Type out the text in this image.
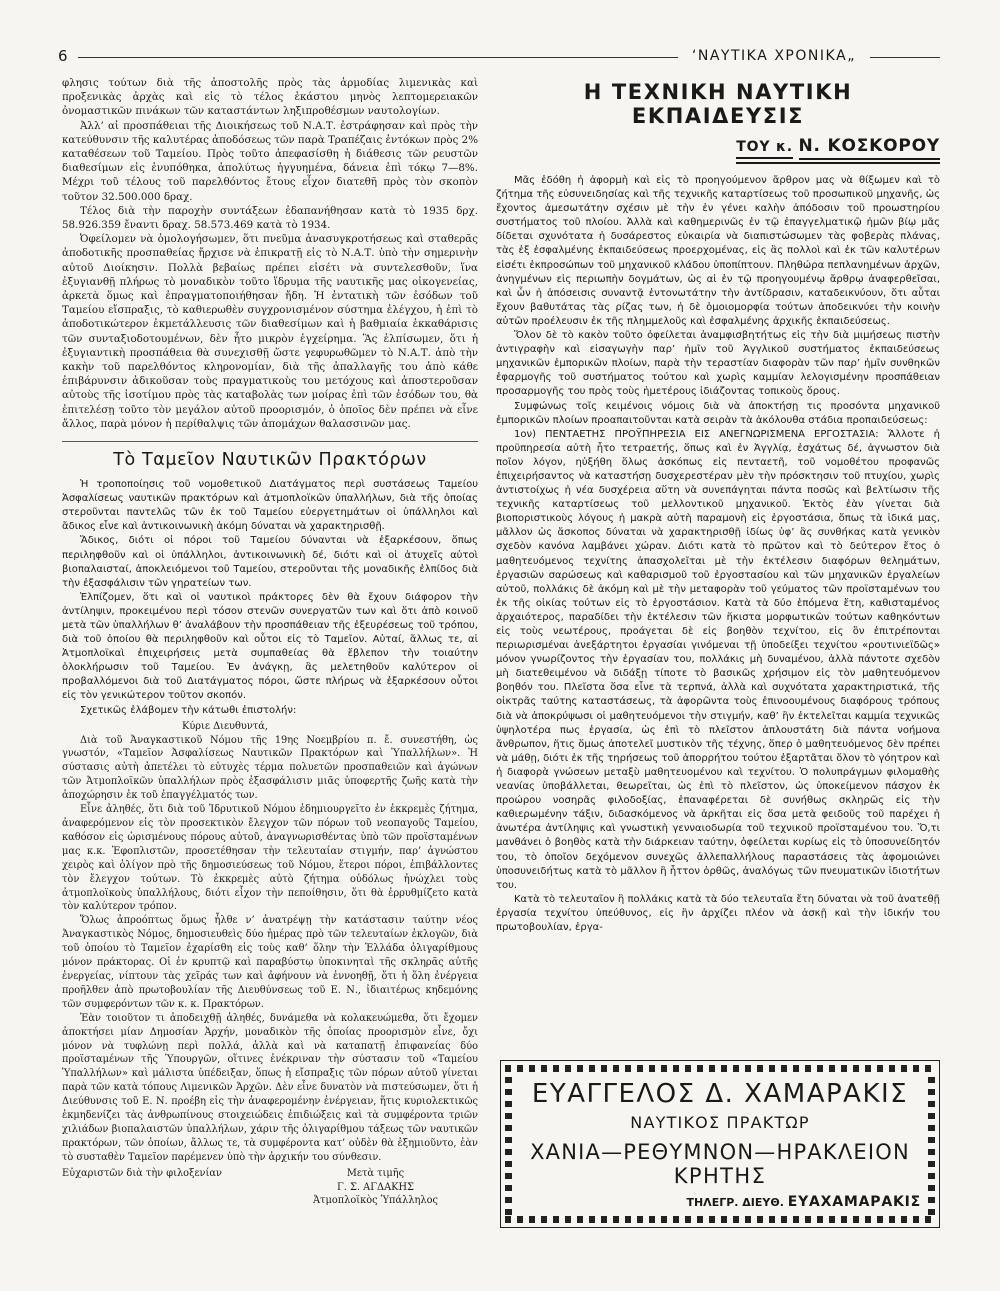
6	‘ΝΑΥΤΙΚΑ ΧΡΟΝΙΚΑ„

φλησις τούτων διὰ τῆς ἀποστολῆς πρὸς τὰς ἁρμοδίας λιμενικὰς καὶ προξενικὰς ἀρχὰς καὶ εἰς τὸ τέλος ἑκάστου μηνὸς λεπτομερειακῶν ὀνομαστικῶν πινάκων τῶν καταστάντων ληξιπροθέσμων ναυτολογίων.

Ἀλλ’ αἱ προσπάθειαι τῆς Διοικήσεως τοῦ Ν.Α.Τ. ἐστράφησαν καὶ πρὸς τὴν κατεύθυνσιν τῆς καλυτέρας ἀποδόσεως τῶν παρὰ Τραπέζαις ἐντόκων πρὸς 2% καταθέσεων τοῦ Ταμείου. Πρὸς τοῦτο ἀπεφασίσθη ἡ διάθεσις τῶν ρευστῶν διαθεσίμων εἰς ἐνυπόθηκα, ἀπολύτως ἠγγυημένα, δάνεια ἐπὶ τόκῳ 7—8%. Μέχρι τοῦ τέλους τοῦ παρελθόντος ἔτους εἶχον διατεθῆ πρὸς τὸν σκοπὸν τοῦτον 32.500.000 δραχ.

Τέλος διὰ τὴν παροχὴν συντάξεων ἐδαπανήθησαν κατὰ τὸ 1935 δρχ. 58.926.359 ἔναντι δραχ. 58.573.469 κατὰ τὸ 1934.

Ὀφείλομεν νὰ ὁμολογήσωμεν, ὅτι πνεῦμα ἀνασυγκροτήσεως καὶ σταθερᾶς ἀποδοτικῆς προσπαθείας ἤρχισε νὰ ἐπικρατῇ εἰς τὸ Ν.Α.Τ. ὑπὸ τὴν σημερινὴν αὐτοῦ Διοίκησιν. Πολλὰ βεβαίως πρέπει εἰσέτι νὰ συντελεσθοῦν, ἵνα ἐξυγιανθῇ πλήρως τὸ μοναδικὸν τοῦτο ἵδρυμα τῆς ναυτικῆς μας οἰκογενείας, ἀρκετὰ ὅμως καὶ ἐπραγματοποιήθησαν ἤδη. Ἡ ἐντατικὴ τῶν ἐσόδων τοῦ Ταμείου εἴσπραξις, τὸ καθιερωθὲν συγχρονισμένον σύστημα ἐλέγχου, ἡ ἐπὶ τὸ ἀποδοτικώτερον ἐκμετάλλευσις τῶν διαθεσίμων καὶ ἡ βαθμιαία ἐκκαθάρισις τῶν συνταξιοδοτουμένων, δὲν ἦτο μικρὸν ἐγχείρημα. Ἂς ἐλπίσωμεν, ὅτι ἡ ἐξυγιαντικὴ προσπάθεια θὰ συνεχισθῇ ὥστε γεφυρωθῶμεν τὸ Ν.Α.Τ. ἀπὸ τὴν κακὴν τοῦ παρελθόντος κληρονομίαν, διὰ τῆς ἀπαλλαγῆς του ἀπὸ κάθε ἐπιβάρυνσιν ἀδικοῦσαν τοὺς πραγματικοὺς του μετόχους καὶ ἀποστεροῦσαν αὐτοὺς τῆς ἰσοτίμου πρὸς τὰς καταβολὰς των μοίρας ἐπὶ τῶν ἐσόδων του, θὰ ἐπιτελέσῃ τοῦτο τὸν μεγάλον αὐτοῦ προορισμόν, ὁ ὁποῖος δὲν πρέπει νὰ εἶνε ἄλλος, παρὰ μόνον ἡ περίθαλψις τῶν ἀπομάχων θαλασσινῶν μας.

Τὸ Ταμεῖον Ναυτικῶν Πρακτόρων

Ἡ τροποποίησις τοῦ νομοθετικοῦ Διατάγματος περὶ συστάσεως Ταμείου Ἀσφαλίσεως ναυτικῶν πρακτόρων καὶ ἀτμοπλοϊκῶν ὑπαλλήλων, διὰ τῆς ὁποίας στεροῦνται παντελῶς τῶν ἐκ τοῦ Ταμείου εὐεργετημάτων οἱ ὑπάλληλοι καὶ ἄδικος εἶνε καὶ ἀντικοινωνικὴ ἀκόμη δύναται νὰ χαρακτηρισθῇ.

Ἄδικος, διότι οἱ πόροι τοῦ Ταμείου δύνανται νὰ ἐξαρκέσουν, ὅπως περιληφθοῦν καὶ οἱ ὑπάλληλοι, ἀντικοινωνικὴ δέ, διότι καὶ οἱ ἀτυχεῖς αὐτοὶ βιοπαλαισταί, ἀποκλειόμενοι τοῦ Ταμείου, στεροῦνται τῆς μοναδικῆς ἐλπίδος διὰ τὴν ἐξασφάλισιν τῶν γηρατείων των.

Ἐλπίζομεν, ὅτι καὶ οἱ ναυτικοὶ πράκτορες δὲν θὰ ἔχουν διάφορον τὴν ἀντίληψιν, προκειμένου περὶ τόσον στενῶν συνεργατῶν των καὶ ὅτι ἀπὸ κοινοῦ μετὰ τῶν ὑπαλλήλων θ’ ἀναλάβουν τὴν προσπάθειαν τῆς ἐξευρέσεως τοῦ τρόπου, διὰ τοῦ ὁποίου θὰ περιληφθοῦν καὶ οὗτοι εἰς τὸ Ταμεῖον. Αὐταί, ἄλλως τε, αἱ Ἀτμοπλοϊκαὶ ἐπιχειρήσεις μετὰ συμπαθείας θὰ ἔβλεπον τὴν τοιαύτην ὁλοκλήρωσιν τοῦ Ταμείου. Ἐν ἀνάγκῃ, ἂς μελετηθοῦν καλύτερον οἱ προβαλλόμενοι διὰ τοῦ Διατάγματος πόροι, ὥστε πλήρως νὰ ἐξαρκέσουν οὗτοι εἰς τὸν γενικώτερον τοῦτον σκοπόν.

Σχετικῶς ἐλάβομεν τὴν κάτωθι ἐπιστολήν:

Κύριε Διευθυντά,

Διὰ τοῦ Ἀναγκαστικοῦ Νόμου τῆς 19ης Νοεμβρίου π. ἔ. συνεστήθη, ὡς γνωστόν, «Ταμεῖον Ἀσφαλίσεως Ναυτικῶν Πρακτόρων καὶ Ὑπαλλήλων». Ἡ σύστασις αὐτὴ ἀπετέλει τὸ εὐτυχὲς τέρμα πολυετῶν προσπαθειῶν καὶ ἀγώνων τῶν Ἀτμοπλοϊκῶν ὑπαλλήλων πρὸς ἐξασφάλισιν μιᾶς ὑποφερτῆς ζωῆς κατὰ τὴν ἀποχώρησιν ἐκ τοῦ ἐπαγγέλματός των.

Εἶνε ἀληθές, ὅτι διὰ τοῦ Ἱδρυτικοῦ Νόμου ἐδημιουργεῖτο ἐν ἐκκρεμὲς ζήτημα, ἀναφερόμενον εἰς τὸν προσεκτικὸν ἔλεγχον τῶν πόρων τοῦ νεοπαγοῦς Ταμείου, καθόσον εἰς ὡρισμένους πόρους αὐτοῦ, ἀναγνωρισθέντας ὑπὸ τῶν προϊσταμένων μας κ.κ. Ἐφοπλιστῶν, προσετέθησαν τὴν τελευταίαν στιγμήν, παρ’ ἀγνώστου χειρὸς καὶ ὀλίγον πρὸ τῆς δημοσιεύσεως τοῦ Νόμου, ἕτεροι πόροι, ἐπιβάλλοντες τὸν ἔλεγχον τούτων. Τὸ ἐκκρεμὲς αὐτὸ ζήτημα οὐδόλως ἠνώχλει τοὺς ἀτμοπλοϊκοὺς ὑπαλλήλους, διότι εἶχον τὴν πεποίθησιν, ὅτι θὰ ἐρρυθμίζετο κατὰ τὸν καλύτερον τρόπον.

Ὅλως ἀπροόπτως ὅμως ἦλθε ν’ ἀνατρέψῃ τὴν κατάστασιν ταύτην νέος Ἀναγκαστικὸς Νόμος, δημοσιευθεὶς δύο ἡμέρας πρὸ τῶν τελευταίων ἐκλογῶν, διὰ τοῦ ὁποίου τὸ Ταμεῖον ἐχαρίσθη εἰς τοὺς καθ’ ὅλην τὴν Ἑλλάδα ὀλιγαρίθμους μόνον πράκτορας. Οἱ ἐν κρυπτῷ καὶ παραβύστῳ ὑποκινηταὶ τῆς σκληρᾶς αὐτῆς ἐνεργείας, νίπτουν τὰς χεῖράς των καὶ ἀφήνουν νὰ ἐννοηθῇ, ὅτι ἡ ὅλη ἐνέργεια προῆλθεν ἀπὸ πρωτοβουλίαν τῆς Διευθύνσεως τοῦ Ε. Ν., ἰδιαιτέρως κηδεμόνης τῶν συμφερόντων τῶν κ. κ. Πρακτόρων.

Ἐὰν τοιοῦτον τι ἀποδειχθῇ ἀληθές, δυνάμεθα νὰ κολακευώμεθα, ὅτι ἔχομεν ἀποκτήσει μίαν Δημοσίαν Ἀρχήν, μοναδικὸν τῆς ὁποίας προορισμὸν εἶνε, ὄχι μόνον νὰ τυφλώνῃ περὶ πολλά, ἀλλὰ καὶ νὰ καταπατῇ ἐπιφανείας δύο προϊσταμένων τῆς Ὑπουργῶν, οἵτινες ἐνέκριναν τὴν σύστασιν τοῦ «Ταμείου Ὑπαλλήλων» καὶ μάλιστα ὑπέδειξαν, ὅπως ἡ εἴσπραξις τῶν πόρων αὐτοῦ γίνεται παρὰ τῶν κατὰ τόπους Λιμενικῶν Ἀρχῶν. Δὲν εἶνε δυνατὸν νὰ πιστεύσωμεν, ὅτι ἡ Διεύθυνσις τοῦ Ε. Ν. προέβη εἰς τὴν ἀναφερομένην ἐνέργειαν, ἥτις κυριολεκτικῶς ἐκμηδενίζει τὰς ἀνθρωπίνους στοιχειώδεις ἐπιδιώξεις καὶ τὰ συμφέροντα τριῶν χιλιάδων βιοπαλαιστῶν ὑπαλλήλων, χάριν τῆς ὀλιγαρίθμου τάξεως τῶν ναυτικῶν πρακτόρων, τῶν ὁποίων, ἄλλως τε, τὰ συμφέροντα κατ’ οὐδὲν θὰ ἐξημιοῦντο, ἐὰν τὸ συσταθὲν Ταμεῖον παρέμενεν ὑπὸ τὴν ἀρχικήν του σύνθεσιν.

Εὐχαριστῶν διὰ τὴν φιλοξενίαν	Μετὰ τιμῆς
Γ. Σ. ΑΓΔΑΚΗΣ
Ἀτμοπλοϊκὸς Ὑπάλληλος
Η ΤΕΧΝΙΚΗ ΝΑΥΤΙΚΗ ΕΚΠΑΙΔΕΥΣΙΣ
ΤΟΥ κ. Ν. ΚΟΣΚΟΡΟΥ

Μᾶς ἐδόθη ἡ ἀφορμὴ καὶ εἰς τὸ προηγούμενον ἄρθρον μας νὰ θίξωμεν καὶ τὸ ζήτημα τῆς εὐσυνειδησίας καὶ τῆς τεχνικῆς καταρτίσεως τοῦ προσωπικοῦ μηχανῆς, ὡς ἔχοντος ἀμεσωτάτην σχέσιν μὲ τὴν ἐν γένει καλὴν ἀπόδοσιν τοῦ προωστηρίου συστήματος τοῦ πλοίου. Ἀλλὰ καὶ καθημερινῶς ἐν τῷ ἐπαγγελματικῷ ἡμῶν βίῳ μᾶς δίδεται σχυνότατα ἡ δυσάρεστος εὐκαιρία νὰ διαπιστώσωμεν τὰς φοβερὰς πλάνας, τὰς ἐξ ἐσφαλμένης ἐκπαιδεύσεως προερχομένας, εἰς ἃς πολλοὶ καὶ ἐκ τῶν καλυτέρων εἰσέτι ἐκπροσώπων τοῦ μηχανικοῦ κλάδου ὑποπίπτουν. Πληθώρα πεπλανημένων ἀρχῶν, ἀνηγμένων εἰς περιωπὴν δογμάτων, ὡς αἱ ἐν τῷ προηγουμένῳ ἄρθρῳ ἀναφερθεῖσαι, καὶ ὧν ἡ ἀπόσεισις συναντᾷ ἐντονωτάτην τὴν ἀντίδρασιν, καταδεικνύουν, ὅτι αὗται ἔχουν βαθυτάτας τὰς ρίζας των, ἡ δὲ ὁμοιομορφία τούτων ἀποδεικνύει τὴν κοινὴν αὐτῶν προέλευσιν ἐκ τῆς πλημμελοῦς καὶ ἐσφαλμένης ἀρχικῆς ἐκπαιδεύσεως.

Ὅλον δὲ τὸ κακὸν τοῦτο ὀφείλεται ἀναμφισβητήτως εἰς τὴν διὰ μιμήσεως πιστὴν ἀντιγραφὴν καὶ εἰσαγωγὴν παρ’ ἡμῖν τοῦ Ἀγγλικοῦ συστήματος ἐκπαιδεύσεως μηχανικῶν ἐμπορικῶν πλοίων, παρὰ τὴν τεραστίαν διαφορὰν τῶν παρ’ ἡμῖν συνθηκῶν ἐφαρμογῆς τοῦ συστήματος τούτου καὶ χωρὶς καμμίαν λελογισμένην προσπάθειαν προσαρμογῆς του πρὸς τοὺς ἡμετέρους ἰδιάζοντας τοπικοὺς ὅρους.

Συμφώνως τοῖς κειμένοις νόμοις διὰ νὰ ἀποκτήσῃ τις προσόντα μηχανικοῦ ἐμπορικῶν πλοίων προαπαιτοῦνται κατὰ σειρὰν τὰ ἀκόλουθα στάδια προπαιδεύσεως:

1ον) ΠΕΝΤΑΕΤΗΣ ΠΡΟΫΠΗΡΕΣΙΑ ΕΙΣ ΑΝΕΓΝΩΡΙΣΜΕΝΑ ΕΡΓΟΣΤΑΣΙΑ: Ἄλλοτε ἡ προϋπηρεσία αὐτὴ ἦτο τετραετής, ὅπως καὶ ἐν Ἀγγλίᾳ, ἐσχάτως δέ, ἀγνωστον διὰ ποῖον λόγον, ηὐξήθη ὅλως ἀσκόπως εἰς πενταετῆ, τοῦ νομοθέτου προφανῶς ἐπιχειρήσαντος νὰ καταστήσῃ δυσχερεστέραν μὲν τὴν πρόσκτησιν τοῦ πτυχίου, χωρὶς ἀντιστοίχως ἡ νέα δυσχέρεια αὕτη νὰ συνεπάγηται πάντα ποσῶς καὶ βελτίωσιν τῆς τεχνικῆς καταρτίσεως τοῦ μελλοντικοῦ μηχανικοῦ. Ἐκτὸς ἐὰν γίνεται διὰ βιοποριστικοὺς λόγους ἡ μακρὰ αὐτὴ παραμονὴ εἰς ἐργοστάσια, ὅπως τὰ ἰδικά μας, μᾶλλον ὡς ἄσκοπος δύναται νὰ χαρακτηρισθῇ ἰδίως ὑφ’ ἃς συνθήκας κατὰ γενικὸν σχεδὸν κανόνα λαμβάνει χώραν. Διότι κατὰ τὸ πρῶτον καὶ τὸ δεύτερον ἔτος ὁ μαθητευόμενος τεχνίτης ἀπασχολεῖται μὲ τὴν ἐκτέλεσιν διαφόρων θελημάτων, ἐργασιῶν σαρώσεως καὶ καθαρισμοῦ τοῦ ἐργοστασίου καὶ τῶν μηχανικῶν ἐργαλείων αὐτοῦ, πολλάκις δὲ ἀκόμη καὶ μὲ τὴν μεταφορὰν τοῦ γεύματος τῶν προϊσταμένων του ἐκ τῆς οἰκίας τούτων εἰς τὸ ἐργοστάσιον. Κατὰ τὰ δύο ἑπόμενα ἔτη, καθισταμένος ἀρχαιότερος, παραδίδει τὴν ἐκτέλεσιν τῶν ἥκιστα μορφωτικῶν τούτων καθηκόντων εἰς τοὺς νεωτέρους, προάγεται δὲ εἰς βοηθὸν τεχνίτου, εἰς ὃν ἐπιτρέπονται περιωρισμέναι ἀνεξάρτητοι ἐργασίαι γινόμεναι τῇ ὑποδείξει τεχνίτου «ρουτινιεϊδῶς» μόνον γνωρίζοντος τὴν ἐργασίαν του, πολλάκις μὴ δυναμένου, ἀλλὰ πάντοτε σχεδὸν μὴ διατεθειμένου νὰ διδάξῃ τίποτε τὸ βασικῶς χρήσιμον εἰς τὸν μαθητευόμενον βοηθόν του. Πλεῖστα ὅσα εἶνε τὰ τερπνά, ἀλλὰ καὶ συχνότατα χαρακτηριστικά, τῆς οἰκτρᾶς ταύτης καταστάσεως, τὰ ἀφορῶντα τοὺς ἐπινοουμένους διαφόρους τρόπους διὰ νὰ ἀποκρύψωσι οἱ μαθητευόμενοι τὴν στιγμήν, καθ’ ἣν ἐκτελεῖται καμμία τεχνικῶς ὑψηλοτέρα πως ἐργασία, ὡς ἐπὶ τὸ πλεῖστον ἁπλουστάτη διὰ πάντα νοήμονα ἄνθρωπον, ἥτις ὅμως ἀποτελεῖ μυστικὸν τῆς τέχνης, ὅπερ ὁ μαθητευόμενος δὲν πρέπει νὰ μάθῃ, διότι ἐκ τῆς τηρήσεως τοῦ ἀπορρήτου τούτου ἐξαρτᾶται ὅλον τὸ γόητρον καὶ ἡ διαφορὰ γνώσεων μεταξὺ μαθητευομένου καὶ τεχνίτου. Ὁ πολυπράγμων φιλομαθὴς νεανίας ὑποβάλλεται, θεωρεῖται, ὡς ἐπὶ τὸ πλεῖστον, ὡς ὑποκείμενον πάσχον ἐκ προώρου νοσηρᾶς φιλοδοξίας, ἐπαναφέρεται δὲ συνήθως σκληρῶς εἰς τὴν καθιερωμένην τάξιν, διδασκόμενος νὰ ἀρκῆται εἰς ὅσα μετὰ φειδοῦς τοῦ παρέχει ἡ ἀνωτέρα ἀντίληψις καὶ γνωστικὴ γενναιοδωρία τοῦ τεχνικοῦ προϊσταμένου του. Ὅ,τι μανθάνει ὁ βοηθὸς κατὰ τὴν διάρκειαν ταύτην, ὀφείλεται κυρίως εἰς τὸ ὑποσυνείδητόν του, τὸ ὁποῖον δεχόμενον συνεχῶς ἀλλεπαλλήλους παραστάσεις τὰς ἀφομοιώνει ὑποσυνειδήτως κατὰ τὸ μᾶλλον ἢ ἧττον ὀρθῶς, ἀναλόγως τῶν πνευματικῶν ἰδιοτήτων του.

Κατὰ τὸ τελευταῖον ἢ πολλάκις κατὰ τὰ δύο τελευταῖα ἔτη δύναται νὰ τοῦ ἀνατεθῇ ἐργασία τεχνίτου ὑπεύθυνος, εἰς ἣν ἀρχίζει πλέον νὰ ἀσκῇ καὶ τὴν ἰδικήν του πρωτοβουλίαν, ἐργα-

ΕΥΑΓΓΕΛΟΣ Δ. ΧΑΜΑΡΑΚΙΣ
ΝΑΥΤΙΚΟΣ ΠΡΑΚΤΩΡ
ΧΑΝΙΑ—ΡΕΘΥΜΝΟΝ—ΗΡΑΚΛΕΙΟΝ
ΚΡΗΤΗΣ
ΤΗΛΕΓΡ. ΔΙΕΥΘ. ΕΥΑΧΑΜΑΡΑΚΙΣ
